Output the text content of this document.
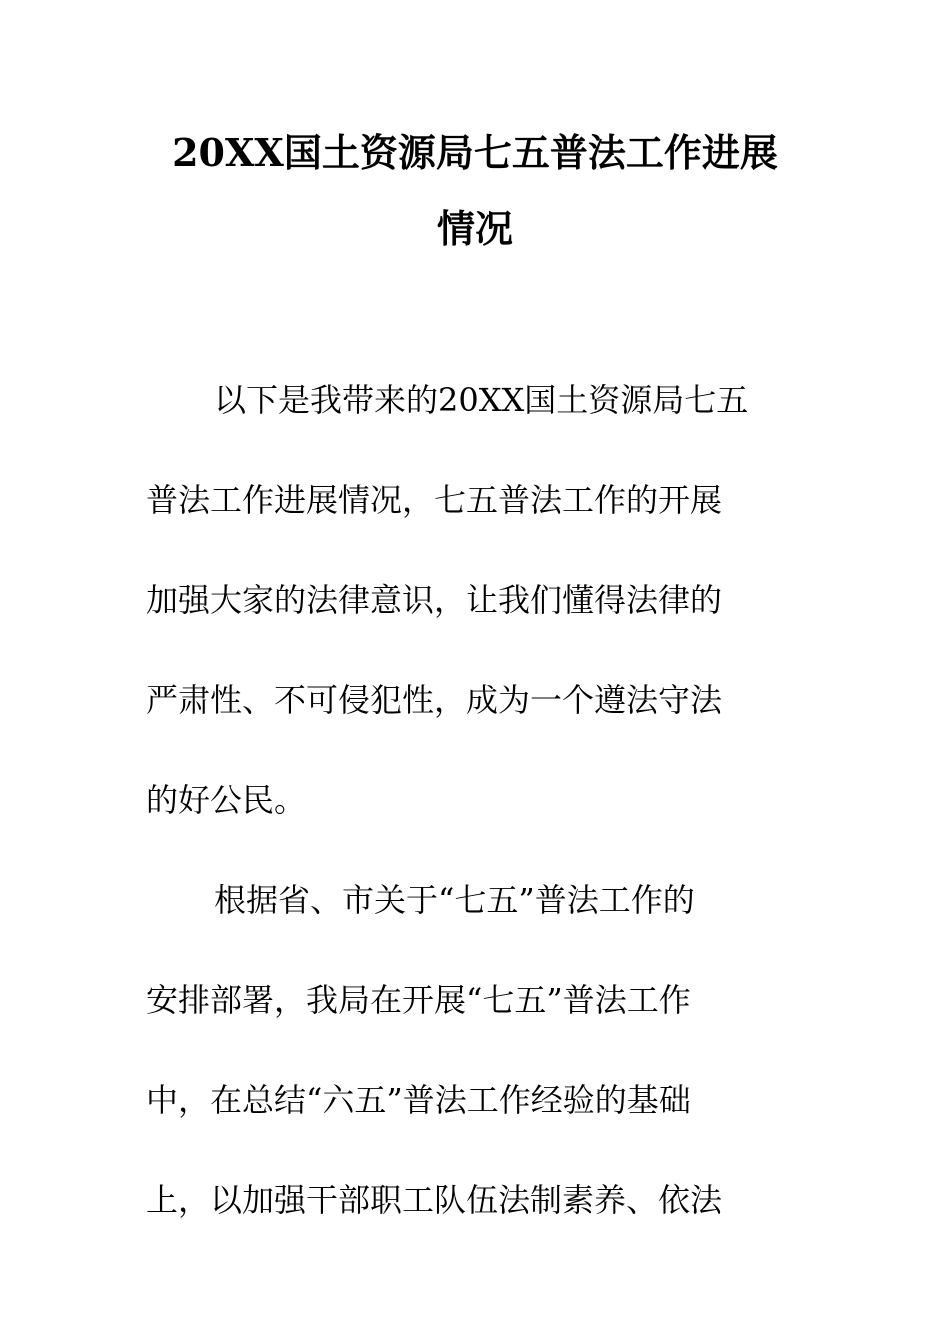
20XX国土资源局七五普法工作进展
情况
以下是我带来的20XX国土资源局七五
普法工作进展情况，七五普法工作的开展
加强大家的法律意识，让我们懂得法律的
严肃性、不可侵犯性，成为一个遵法守法
的好公民。
根据省、市关于“七五”普法工作的
安排部署，我局在开展“七五”普法工作
中，在总结“六五”普法工作经验的基础
上，以加强干部职工队伍法制素养、依法
